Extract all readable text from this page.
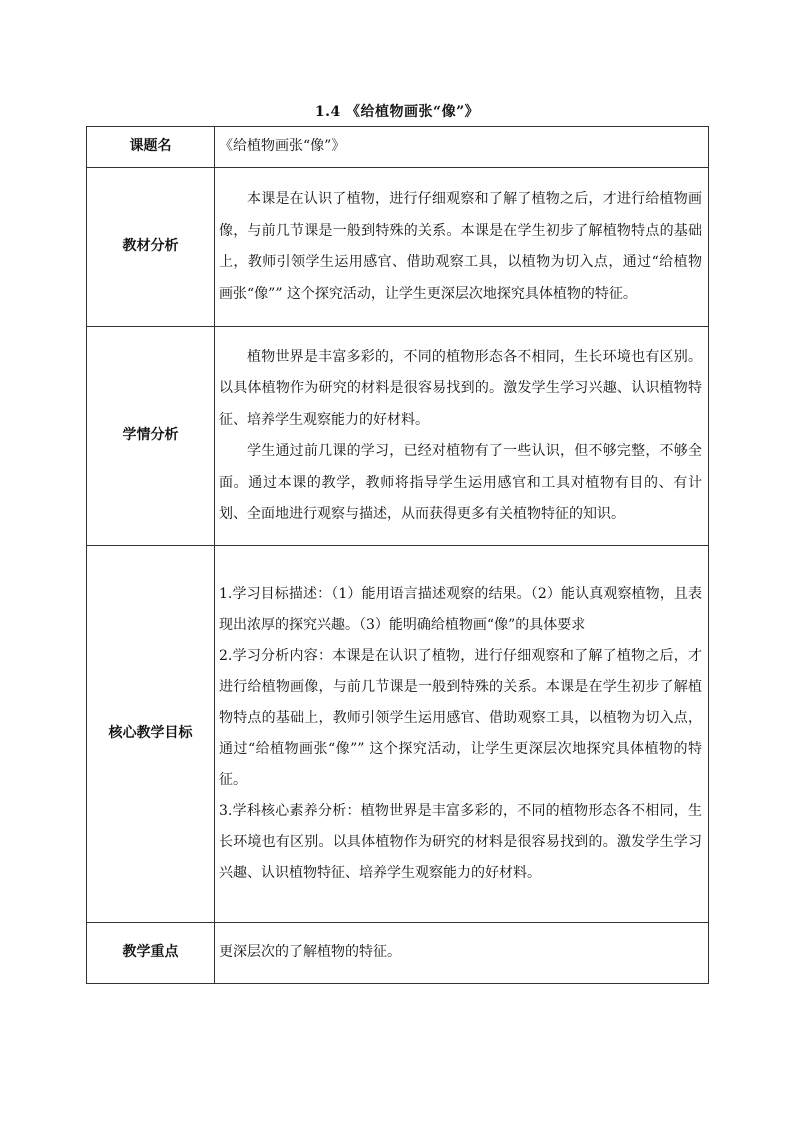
1.4 《给植物画张“像”》
课题名	《给植物画张“像”》

教材分析	本课是在认识了植物，进行仔细观察和了解了植物之后，才进行给植物画像，与前几节课是一般到特殊的关系。本课是在学生初步了解植物特点的基础上，教师引领学生运用感官、借助观察工具，以植物为切入点，通过“给植物画张“像”” 这个探究活动，让学生更深层次地探究具体植物的特征。

学情分析	植物世界是丰富多彩的，不同的植物形态各不相同，生长环境也有区别。以具体植物作为研究的材料是很容易找到的。激发学生学习兴趣、认识植物特征、培养学生观察能力的好材料。

学生通过前几课的学习，已经对植物有了一些认识，但不够完整，不够全面。通过本课的教学，教师将指导学生运用感官和工具对植物有目的、有计划、全面地进行观察与描述，从而获得更多有关植物特征的知识。

核心教学目标	1.学习目标描述：（1）能用语言描述观察的结果。（2）能认真观察植物，且表现出浓厚的探究兴趣。（3）能明确给植物画“像”的具体要求

2.学习分析内容：本课是在认识了植物，进行仔细观察和了解了植物之后，才进行给植物画像，与前几节课是一般到特殊的关系。本课是在学生初步了解植物特点的基础上，教师引领学生运用感官、借助观察工具，以植物为切入点，通过“给植物画张“像”” 这个探究活动，让学生更深层次地探究具体植物的特征。

3.学科核心素养分析：植物世界是丰富多彩的，不同的植物形态各不相同，生长环境也有区别。以具体植物作为研究的材料是很容易找到的。激发学生学习兴趣、认识植物特征、培养学生观察能力的好材料。

教学重点	更深层次的了解植物的特征。
